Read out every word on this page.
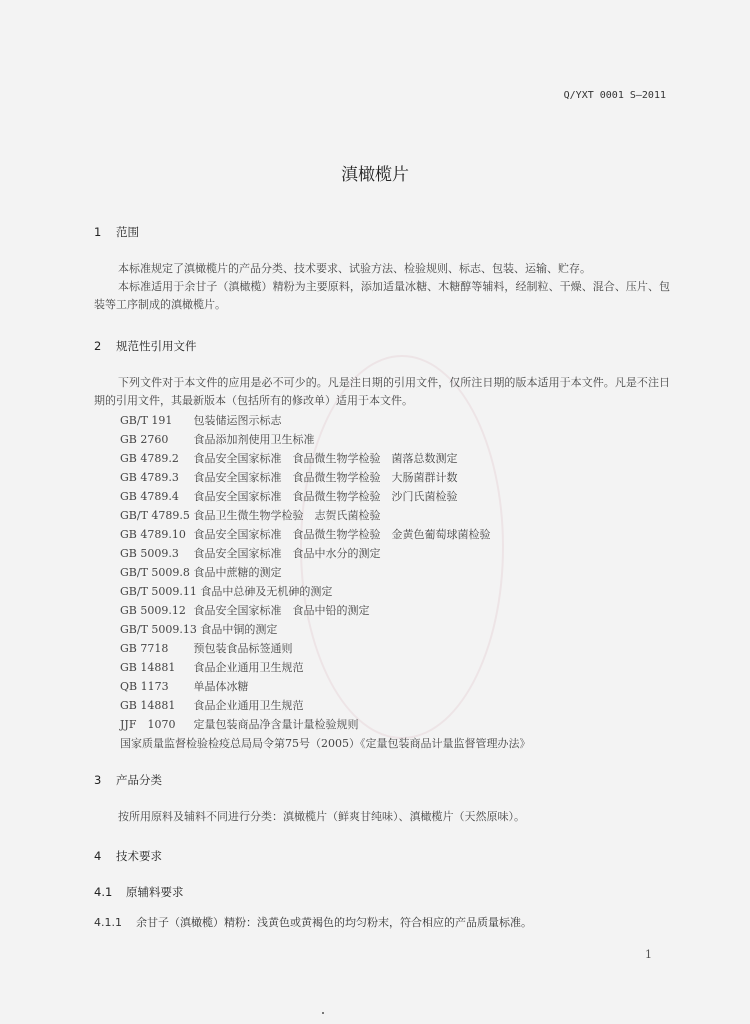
Q/YXT 0001 S—2011
滇橄榄片
1 范围
本标准规定了滇橄榄片的产品分类、技术要求、试验方法、检验规则、标志、包装、运输、贮存。
本标准适用于余甘子（滇橄榄）精粉为主要原料，添加适量冰糖、木糖醇等辅料，经制粒、干燥、混合、压片、包装等工序制成的滇橄榄片。
2 规范性引用文件
下列文件对于本文件的应用是必不可少的。凡是注日期的引用文件，仅所注日期的版本适用于本文件。凡是不注日期的引用文件，其最新版本（包括所有的修改单）适用于本文件。
GB/T 191 包装储运图示标志
GB 2760 食品添加剂使用卫生标准
GB 4789.2 食品安全国家标准　食品微生物学检验　菌落总数测定
GB 4789.3 食品安全国家标准　食品微生物学检验　大肠菌群计数
GB 4789.4 食品安全国家标准　食品微生物学检验　沙门氏菌检验
GB/T 4789.5 食品卫生微生物学检验　志贺氏菌检验
GB 4789.10 食品安全国家标准　食品微生物学检验　金黄色葡萄球菌检验
GB 5009.3 食品安全国家标准　食品中水分的测定
GB/T 5009.8 食品中蔗糖的测定
GB/T 5009.11 食品中总砷及无机砷的测定
GB 5009.12 食品安全国家标准　食品中铅的测定
GB/T 5009.13 食品中铜的测定
GB 7718 预包装食品标签通则
GB 14881 食品企业通用卫生规范
QB 1173 单晶体冰糖
GB 14881 食品企业通用卫生规范
JJF　1070 定量包装商品净含量计量检验规则
国家质量监督检验检疫总局局令第75号（2005）《定量包装商品计量监督管理办法》
3 产品分类
按所用原料及辅料不同进行分类：滇橄榄片（鲜爽甘纯味）、滇橄榄片（天然原味）。
4 技术要求
4.1 原辅料要求
4.1.1 余甘子（滇橄榄）精粉：浅黄色或黄褐色的均匀粉末，符合相应的产品质量标准。
1
